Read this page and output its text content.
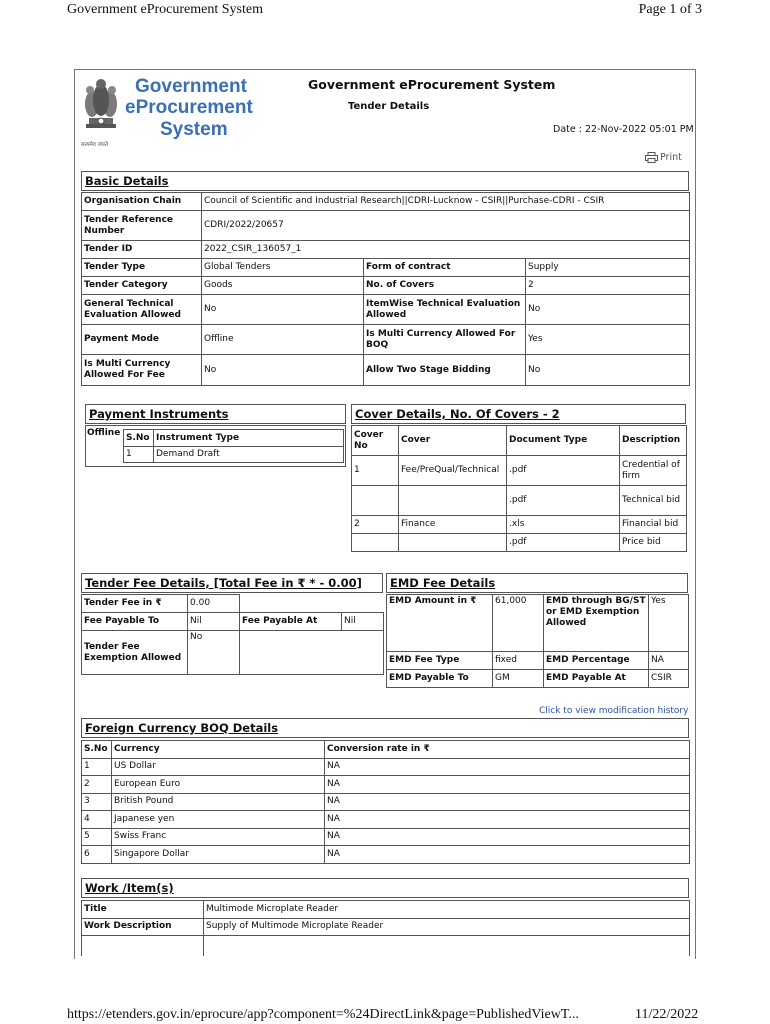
Government eProcurement System	Page 1 of 3
https://etenders.gov.in/eprocure/app?component=%24DirectLink&page=PublishedViewT...	11/22/2022
सत्यमेव जयते
Government
eProcurement
System
Government eProcurement System
Tender Details
Date : 22-Nov-2022 05:01 PM
Print
Basic Details
Organisation Chain	Council of Scientific and Industrial Research||CDRI-Lucknow - CSIR||Purchase-CDRI - CSIR		
Tender Reference Number	CDRI/2022/20657		
Tender ID	2022_CSIR_136057_1		
Tender Type	Global Tenders	Form of contract	Supply
Tender Category	Goods	No. of Covers	2
General Technical Evaluation Allowed	No	ItemWise Technical Evaluation Allowed	No
Payment Mode	Offline	Is Multi Currency Allowed For BOQ	Yes
Is Multi Currency Allowed For Fee	No	Allow Two Stage Bidding	No
Payment Instruments
Offline S.No	Instrument Type
1	Demand Draft
Cover Details, No. Of Covers - 2
Cover No	Cover	Document Type	Description
1	Fee/PreQual/Technical	.pdf	Credential of firm
		.pdf	Technical bid
2	Finance	.xls	Financial bid
		.pdf	Price bid
Tender Fee Details, [Total Fee in ₹ * - 0.00]
Tender Fee in ₹	0.00		
Fee Payable To	Nil	Fee Payable At	Nil
Tender Fee Exemption Allowed	No		
EMD Fee Details
EMD Amount in ₹	61,000	EMD through BG/ST or EMD Exemption Allowed	Yes
EMD Fee Type	fixed	EMD Percentage	NA
EMD Payable To	GM	EMD Payable At	CSIR
Click to view modification history
Foreign Currency BOQ Details
S.No	Currency	Conversion rate in ₹
1	US Dollar	NA
2	European Euro	NA
3	British Pound	NA
4	Japanese yen	NA
5	Swiss Franc	NA
6	Singapore Dollar	NA
Work /Item(s)
Title	Multimode Microplate Reader
Work Description	Supply of Multimode Microplate Reader
